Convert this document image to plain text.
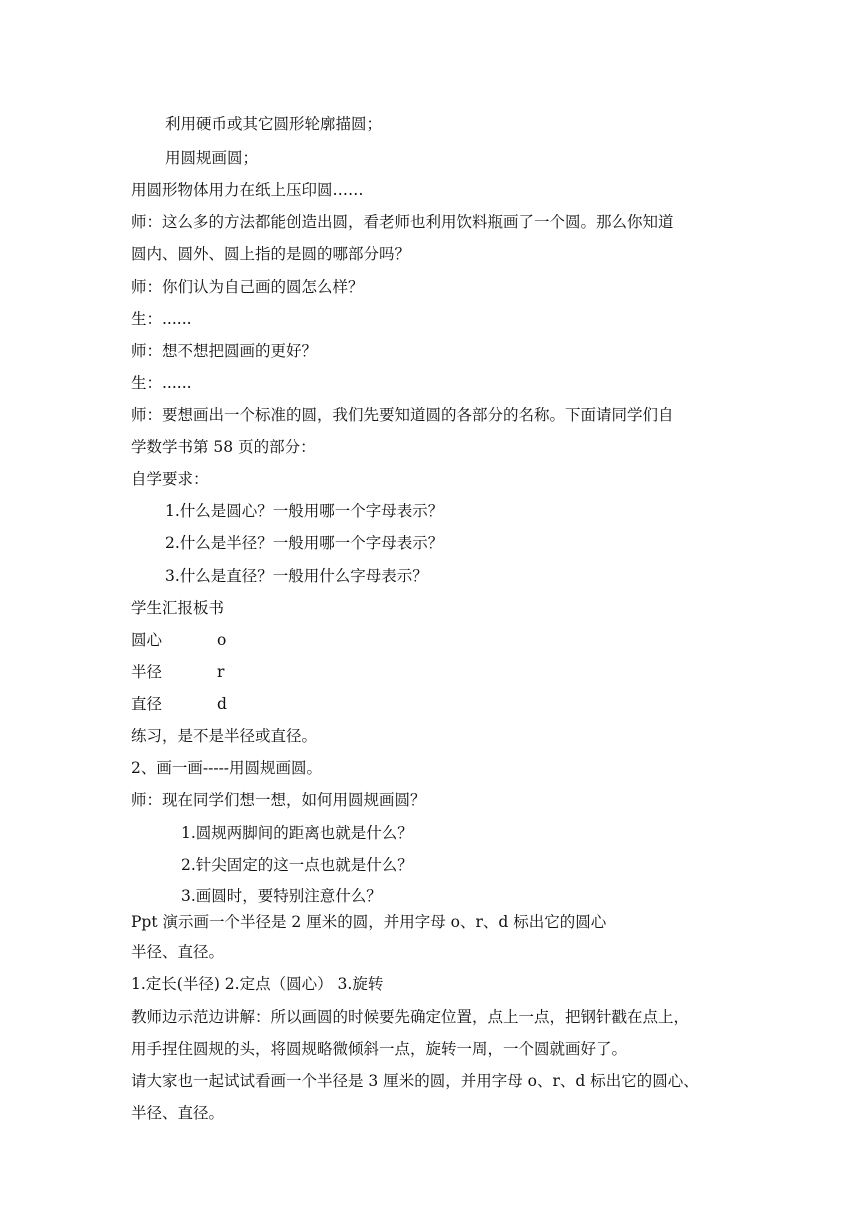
利用硬币或其它圆形轮廓描圆；
用圆规画圆；
用圆形物体用力在纸上压印圆……
师：这么多的方法都能创造出圆，看老师也利用饮料瓶画了一个圆。那么你知道
圆内、圆外、圆上指的是圆的哪部分吗？
师：你们认为自己画的圆怎么样？
生：......
师：想不想把圆画的更好？
生：......
师：要想画出一个标准的圆，我们先要知道圆的各部分的名称。下面请同学们自
学数学书第 58 页的部分：
自学要求：
1.什么是圆心？一般用哪一个字母表示？
2.什么是半径？一般用哪一个字母表示？
3.什么是直径？一般用什么字母表示？
学生汇报板书
圆心	o
半径	r
直径	d
练习，是不是半径或直径。
2、画一画-----用圆规画圆。
师：现在同学们想一想，如何用圆规画圆？
1.圆规两脚间的距离也就是什么？
2.针尖固定的这一点也就是什么？
3.画圆时，要特别注意什么？
Ppt 演示画一个半径是 2 厘米的圆，并用字母 o、r、d 标出它的圆心
半径、直径。
1.定长(半径) 2.定点（圆心） 3.旋转
教师边示范边讲解：所以画圆的时候要先确定位置，点上一点，把钢针戳在点上，
用手捏住圆规的头，将圆规略微倾斜一点，旋转一周，一个圆就画好了。
请大家也一起试试看画一个半径是 3 厘米的圆，并用字母 o、r、d 标出它的圆心、
半径、直径。
